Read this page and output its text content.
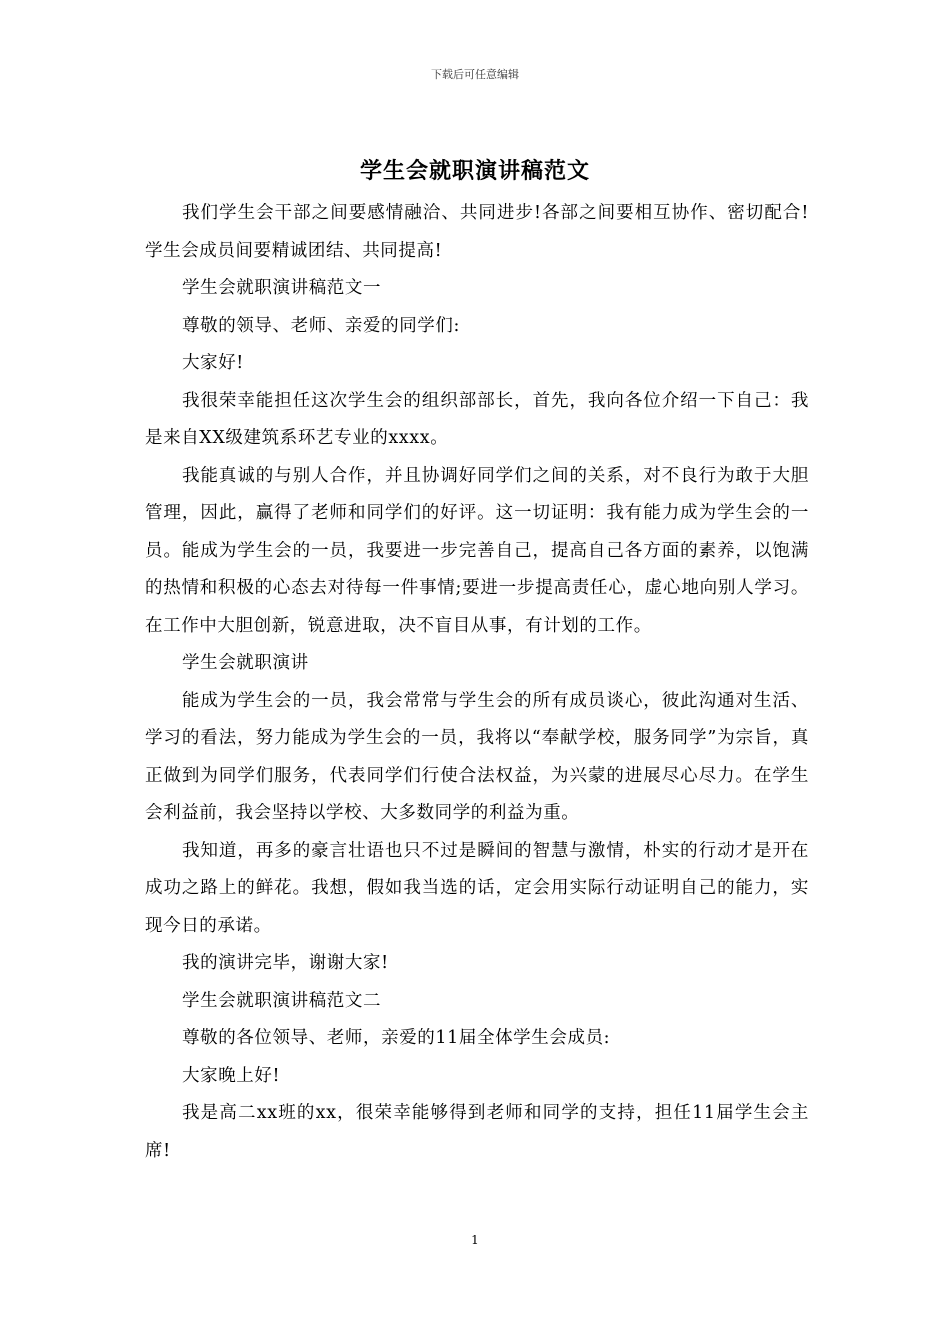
下载后可任意编辑
学生会就职演讲稿范文

我们学生会干部之间要感情融洽、共同进步!各部之间要相互协作、密切配合!学生会成员间要精诚团结、共同提高!

学生会就职演讲稿范文一

尊敬的领导、老师、亲爱的同学们:

大家好!

我很荣幸能担任这次学生会的组织部部长，首先，我向各位介绍一下自己：我是来自XX级建筑系环艺专业的xxxx。

我能真诚的与别人合作，并且协调好同学们之间的关系，对不良行为敢于大胆管理，因此，赢得了老师和同学们的好评。这一切证明：我有能力成为学生会的一员。能成为学生会的一员，我要进一步完善自己，提高自己各方面的素养，以饱满的热情和积极的心态去对待每一件事情;要进一步提高责任心，虚心地向别人学习。在工作中大胆创新，锐意进取，决不盲目从事，有计划的工作。

学生会就职演讲

能成为学生会的一员，我会常常与学生会的所有成员谈心，彼此沟通对生活、学习的看法，努力能成为学生会的一员，我将以“奉献学校，服务同学”为宗旨，真正做到为同学们服务，代表同学们行使合法权益，为兴蒙的进展尽心尽力。在学生会利益前，我会坚持以学校、大多数同学的利益为重。

我知道，再多的豪言壮语也只不过是瞬间的智慧与激情，朴实的行动才是开在成功之路上的鲜花。我想，假如我当选的话，定会用实际行动证明自己的能力，实现今日的承诺。

我的演讲完毕，谢谢大家!

学生会就职演讲稿范文二

尊敬的各位领导、老师，亲爱的11届全体学生会成员:

大家晚上好!

我是高二xx班的xx，很荣幸能够得到老师和同学的支持，担任11届学生会主席!

1
